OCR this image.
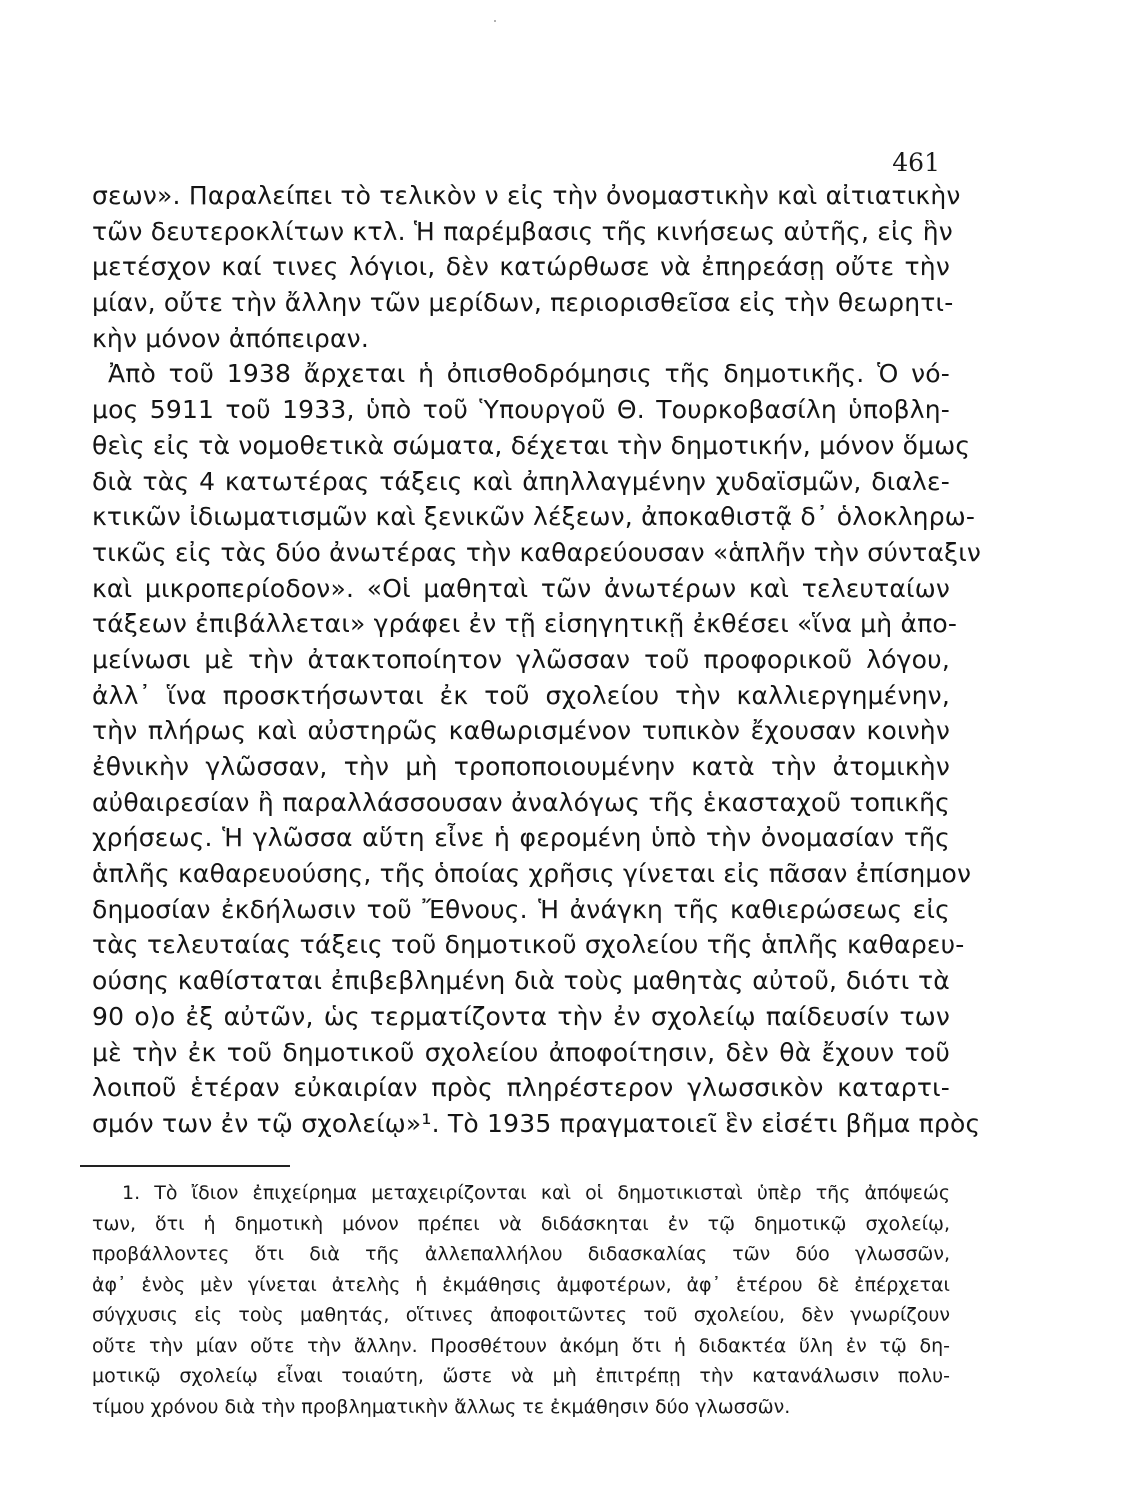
461
σεων». Παραλείπει τὸ τελικὸν ν εἰς τὴν ὀνομαστικὴν καὶ αἰτιατικὴν
τῶν δευτεροκλίτων κτλ. Ἡ παρέμβασις τῆς κινήσεως αὐτῆς, εἰς ἣν
μετέσχον καί τινες λόγιοι, δὲν κατώρθωσε νὰ ἐπηρεάσῃ οὔτε τὴν
μίαν, οὔτε τὴν ἄλλην τῶν μερίδων, περιορισθεῖσα εἰς τὴν θεωρητι-
κὴν μόνον ἀπόπειραν.
Ἀπὸ τοῦ 1938 ἄρχεται ἡ ὀπισθοδρόμησις τῆς δημοτικῆς. Ὁ νό-
μος 5911 τοῦ 1933, ὑπὸ τοῦ Ὑπουργοῦ Θ. Τουρκοβασίλη ὑποβλη-
θεὶς εἰς τὰ νομοθετικὰ σώματα, δέχεται τὴν δημοτικήν, μόνον ὅμως
διὰ τὰς 4 κατωτέρας τάξεις καὶ ἀπηλλαγμένην χυδαϊσμῶν, διαλε-
κτικῶν ἰδιωματισμῶν καὶ ξενικῶν λέξεων, ἀποκαθιστᾷ δ᾽ ὁλοκληρω-
τικῶς εἰς τὰς δύο ἀνωτέρας τὴν καθαρεύουσαν «ἁπλῆν τὴν σύνταξιν
καὶ μικροπερίοδον». «Οἱ μαθηταὶ τῶν ἀνωτέρων καὶ τελευταίων
τάξεων ἐπιβάλλεται» γράφει ἐν τῇ εἰσηγητικῇ ἐκθέσει «ἵνα μὴ ἀπο-
μείνωσι μὲ τὴν ἀτακτοποίητον γλῶσσαν τοῦ προφορικοῦ λόγου,
ἀλλ᾽ ἵνα προσκτήσωνται ἐκ τοῦ σχολείου τὴν καλλιεργημένην,
τὴν πλήρως καὶ αὐστηρῶς καθωρισμένον τυπικὸν ἔχουσαν κοινὴν
ἐθνικὴν γλῶσσαν, τὴν μὴ τροποποιουμένην κατὰ τὴν ἀτομικὴν
αὐθαιρεσίαν ἢ παραλλάσσουσαν ἀναλόγως τῆς ἑκασταχοῦ τοπικῆς
χρήσεως. Ἡ γλῶσσα αὕτη εἶνε ἡ φερομένη ὑπὸ τὴν ὀνομασίαν τῆς
ἁπλῆς καθαρευούσης, τῆς ὁποίας χρῆσις γίνεται εἰς πᾶσαν ἐπίσημον
δημοσίαν ἐκδήλωσιν τοῦ Ἔθνους. Ἡ ἀνάγκη τῆς καθιερώσεως εἰς
τὰς τελευταίας τάξεις τοῦ δημοτικοῦ σχολείου τῆς ἁπλῆς καθαρευ-
ούσης καθίσταται ἐπιβεβλημένη διὰ τοὺς μαθητὰς αὐτοῦ, διότι τὰ
90 ο)ο ἐξ αὐτῶν, ὡς τερματίζοντα τὴν ἐν σχολείῳ παίδευσίν των
μὲ τὴν ἐκ τοῦ δημοτικοῦ σχολείου ἀποφοίτησιν, δὲν θὰ ἔχουν τοῦ
λοιποῦ ἑτέραν εὐκαιρίαν πρὸς πληρέστερον γλωσσικὸν καταρτι-
σμόν των ἐν τῷ σχολείῳ»¹. Τὸ 1935 πραγματοιεῖ ἓν εἰσέτι βῆμα πρὸς
1. Τὸ ἴδιον ἐπιχείρημα μεταχειρίζονται καὶ οἱ δημοτικισταὶ ὑπὲρ τῆς ἀπόψεώς
των, ὅτι ἡ δημοτικὴ μόνον πρέπει νὰ διδάσκηται ἐν τῷ δημοτικῷ σχολείῳ,
προβάλλοντες ὅτι διὰ τῆς ἀλλεπαλλήλου διδασκαλίας τῶν δύο γλωσσῶν,
ἀφ᾽ ἑνὸς μὲν γίνεται ἀτελὴς ἡ ἐκμάθησις ἀμφοτέρων, ἀφ᾽ ἑτέρου δὲ ἐπέρχεται
σύγχυσις εἰς τοὺς μαθητάς, οἵτινες ἀποφοιτῶντες τοῦ σχολείου, δὲν γνωρίζουν
οὔτε τὴν μίαν οὔτε τὴν ἄλλην. Προσθέτουν ἀκόμη ὅτι ἡ διδακτέα ὕλη ἐν τῷ δη-
μοτικῷ σχολείῳ εἶναι τοιαύτη, ὥστε νὰ μὴ ἐπιτρέπῃ τὴν κατανάλωσιν πολυ-
τίμου χρόνου διὰ τὴν προβληματικὴν ἄλλως τε ἐκμάθησιν δύο γλωσσῶν.
